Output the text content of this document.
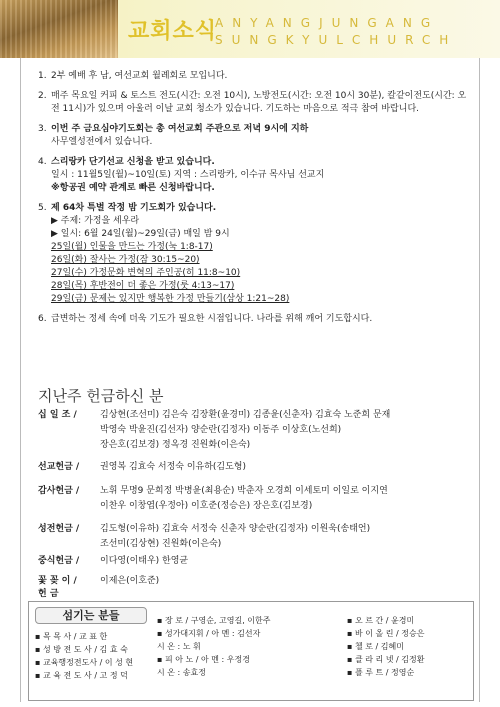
교회소식
ANYANGJUNGANG
SUNGKYULCHURCH
1. 2부 예배 후 남, 여선교회 월례회로 모입니다.
2. 매주 목요일 커피 & 토스트 전도(시간: 오전 10시), 노방전도(시간: 오전 10시 30분), 칼같이전도(시간: 오전 11시)가 있으며 아울러 이날 교회 청소가 있습니다. 기도하는 마음으로 적극 참여 바랍니다.
3. 이번 주 금요심야기도회는 총 여선교회 주관으로 저녁 9시에 지하
사무엘성전에서 있습니다.
4. 스리랑카 단기선교 신청을 받고 있습니다.
일시 : 11월5일(월)~10일(토) 지역 : 스리랑카, 이수규 목사님 선교지
※항공권 예약 관계로 빠른 신청바랍니다.
5. 제 64차 특별 작정 밤 기도회가 있습니다.
▶ 주제: 가정을 세우라
▶ 일시: 6월 24일(월)~29일(금) 매일 밤 9시
25일(월) 인물을 만드는 가정(눅 1:8-17)
26일(화) 잘사는 가정(잠 30:15~20)
27일(수) 가정문화 변혁의 주인공(히 11:8~10)
28일(목) 후반전이 더 좋은 가정(룻 4:13~17)
29일(금) 문제는 있지만 행복한 가정 만들기(삼상 1:21~28)
6. 급변하는 정세 속에 더욱 기도가 필요한 시점입니다. 나라를 위해 깨어 기도합시다.
지난주 헌금하신 분
십 일 조 /	김상현(조선미) 김은숙 김장환(윤경미) 김종윤(신춘자) 김효숙 노준희 문재
박영숙 박윤진(김선자) 양순란(김정자) 이동주 이상호(노선희)
장은호(김보경) 정옥경 진원화(이은숙)
선교헌금 /	권영복 김효숙 서정숙 이유하(김도형)
감사헌금 /	노휘 무명9 문희정 박병윤(최용순) 박춘자 오경희 이세토미 이일로 이지연
이찬우 이창엽(우정아) 이호준(정승은) 장은호(김보경)
성전헌금 /	김도형(이유하) 김효숙 서정숙 신춘자 양순란(김정자) 이원욱(송태언)
조선미(김상현) 진원화(이은숙)
중식헌금 /	이다영(이태우) 한영균
꽃 꽂 이 /	이제은(이호준)
헌 금
섬기는 분들
▪ 목 목 사 / 교 표 한
▪ 성 방 전 도 사 / 김 효 숙
▪ 교육행정전도사 / 이 성 현
▪ 교 육 전 도 사 / 고 정 덕
▪ 장 로 / 구영순, 고영길, 이한주
▪ 성가대지휘 / 아 멘 : 김선자
시 온 : 노 휘
▪ 피 아 노 / 아 멘 : 우정경
시 온 : 송효정
▪ 오 르 간 / 윤경미
▪ 바 이 올 린 / 정승은
▪ 첼 로 / 김혜미
▪ 클 라 리 넷 / 김정환
▪ 플 루 트 / 정영순
